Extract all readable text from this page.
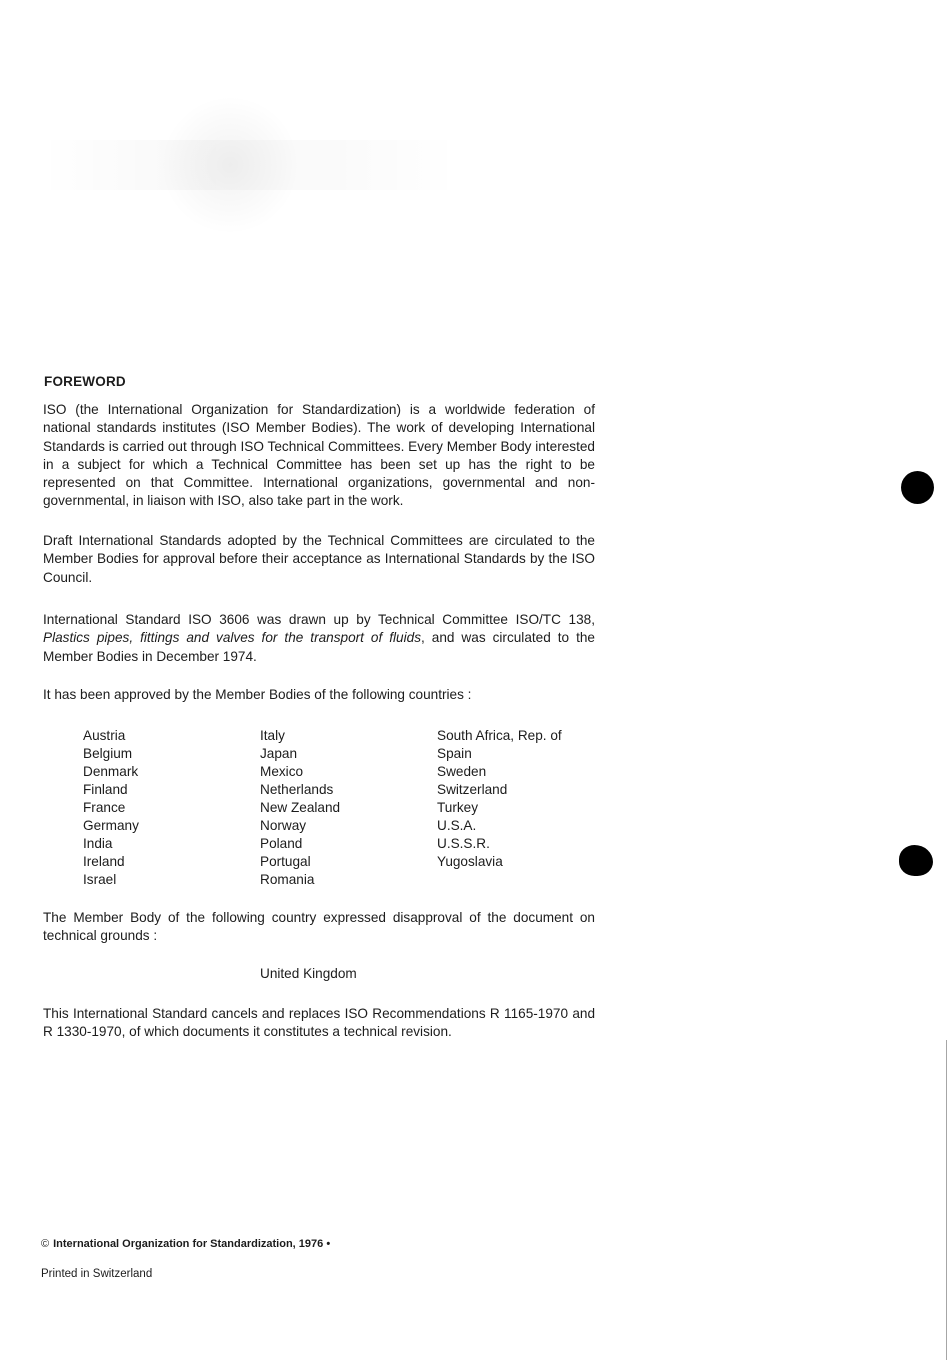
FOREWORD
ISO (the International Organization for Standardization) is a worldwide federation of national standards institutes (ISO Member Bodies). The work of developing International Standards is carried out through ISO Technical Committees. Every Member Body interested in a subject for which a Technical Committee has been set up has the right to be represented on that Committee. International organizations, governmental and non-governmental, in liaison with ISO, also take part in the work.
Draft International Standards adopted by the Technical Committees are circulated to the Member Bodies for approval before their acceptance as International Standards by the ISO Council.
International Standard ISO 3606 was drawn up by Technical Committee ISO/TC 138, Plastics pipes, fittings and valves for the transport of fluids, and was circulated to the Member Bodies in December 1974.
It has been approved by the Member Bodies of the following countries :
Austria
Belgium
Denmark
Finland
France
Germany
India
Ireland
Israel
Italy
Japan
Mexico
Netherlands
New Zealand
Norway
Poland
Portugal
Romania
South Africa, Rep. of
Spain
Sweden
Switzerland
Turkey
U.S.A.
U.S.S.R.
Yugoslavia
The Member Body of the following country expressed disapproval of the document on technical grounds :
United Kingdom
This International Standard cancels and replaces ISO Recommendations R 1165-1970 and R 1330-1970, of which documents it constitutes a technical revision.
© International Organization for Standardization, 1976 •
Printed in Switzerland
